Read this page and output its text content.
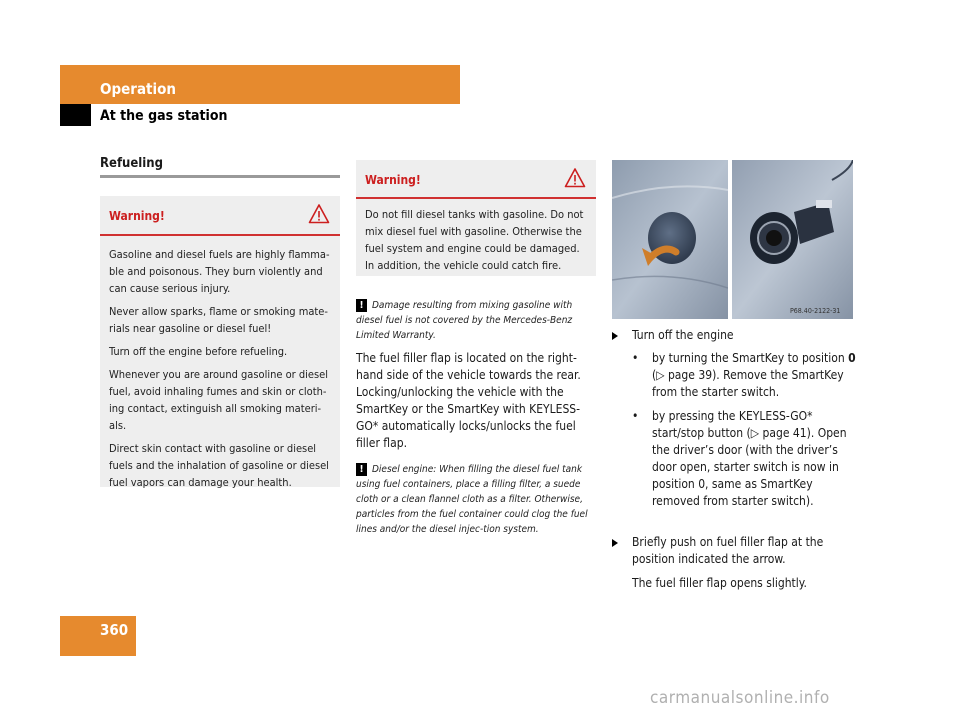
Operation
At the gas station
Refueling
Warning!

Gasoline and diesel fuels are highly flamma-ble and poisonous. They burn violently and can cause serious injury.

Never allow sparks, flame or smoking mate-rials near gasoline or diesel fuel!

Turn off the engine before refueling.

Whenever you are around gasoline or diesel fuel, avoid inhaling fumes and skin or cloth-ing contact, extinguish all smoking materi-als.

Direct skin contact with gasoline or diesel fuels and the inhalation of gasoline or diesel fuel vapors can damage your health.

Warning!

Do not fill diesel tanks with gasoline. Do not mix diesel fuel with gasoline. Otherwise the fuel system and engine could be damaged. In addition, the vehicle could catch fire.

! Damage resulting from mixing gasoline with diesel fuel is not covered by the Mercedes-Benz Limited Warranty.
The fuel filler flap is located on the right-hand side of the vehicle towards the rear. Locking/unlocking the vehicle with the SmartKey or the SmartKey with KEYLESS-GO* automatically locks/unlocks the fuel filler flap.
! Diesel engine: When filling the diesel fuel tank using fuel containers, place a filling filter, a suede cloth or a clean flannel cloth as a filter. Otherwise, particles from the fuel container could clog the fuel lines and/or the diesel injec-tion system.
P68.40-2122-31
Turn off the engine
•	by turning the SmartKey to position 0 (▷ page 39). Remove the SmartKey from the starter switch.
•	by pressing the KEYLESS-GO* start/stop button (▷ page 41). Open the driver’s door (with the driver’s door open, starter switch is now in position 0, same as SmartKey removed from starter switch).
Briefly push on fuel filler flap at the position indicated the arrow.
The fuel filler flap opens slightly.
360
carmanualsonline.info
